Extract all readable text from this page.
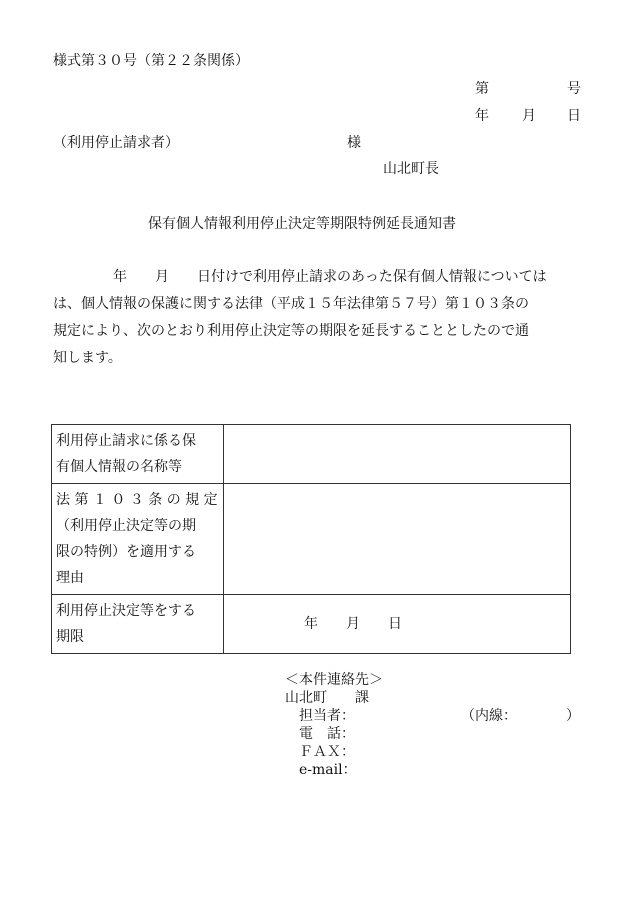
様式第３０号（第２２条関係）
第	号
年 月 日
（利用停止請求者）	様
山北町長
保有個人情報利用停止決定等期限特例延長通知書
年　　月　　日付けで利用停止請求のあった保有個人情報については
は、個人情報の保護に関する法律（平成１５年法律第５７号）第１０３条の
規定により、次のとおり利用停止決定等の期限を延長することとしたので通
知します。
利用停止請求に係る保
有個人情報の名称等	

法 第 １ ０ ３ 条 の 規 定
（利用停止決定等の期
限の特例）を適用する
理由	

利用停止決定等をする
期限	年　　月　　日
＜本件連絡先＞
山北町　　課
担当者：	（内線：　　　　）
電　話：
ＦＡＸ：
e-mail：
